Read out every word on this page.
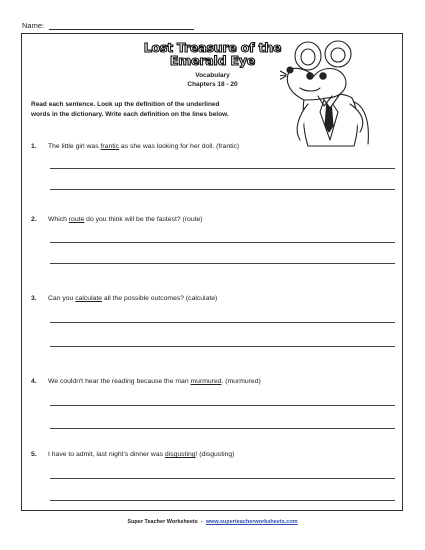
Name:
Lost Treasure of the
Emerald Eye
Vocabulary
Chapters 18 - 20
Read each sentence. Look up the definition of the underlined
words in the dictionary. Write each definition on the lines below.
1. The little girl was frantic as she was looking for her doll. (frantic)
2. Which route do you think will be the fastest? (route)
3. Can you calculate all the possible outcomes? (calculate)
4. We couldn't hear the reading because the man murmured. (murmured)
5. I have to admit, last night's dinner was disgusting! (disgusting)
Super Teacher Worksheets  -  www.superteacherworksheets.com
